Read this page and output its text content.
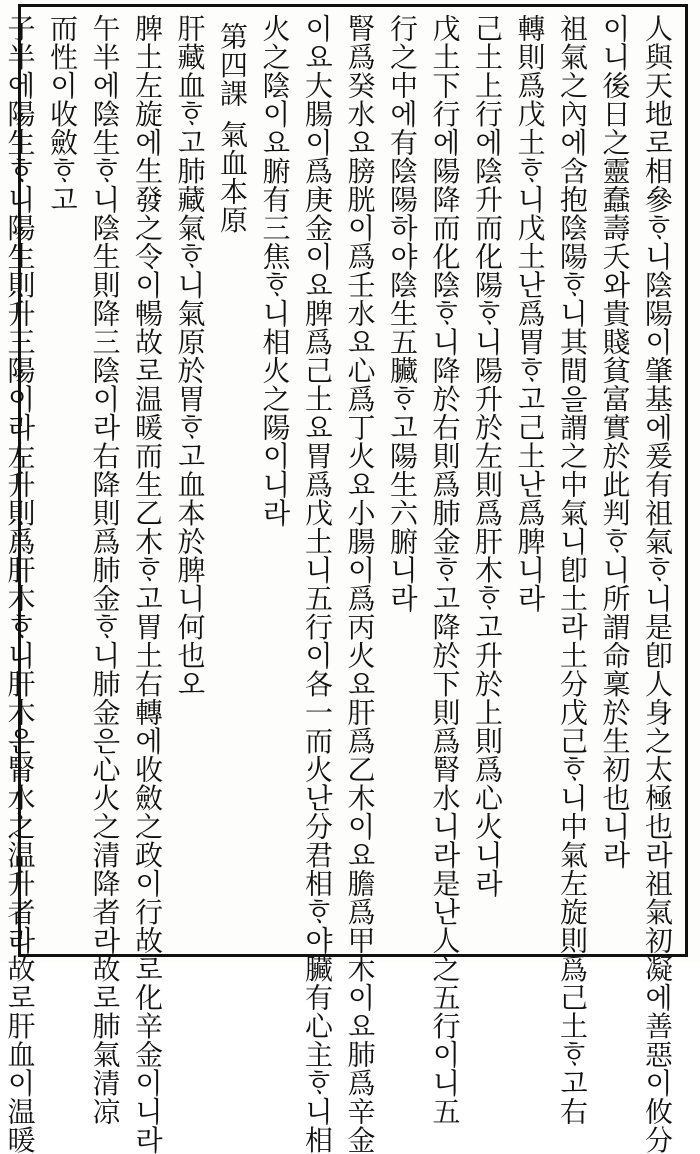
人與天地로相參ᄒᆞ니陰陽이肇基에爰有祖氣ᄒᆞ니是卽人身之太極也라祖氣初凝에善惡이攸分
이니後日之靈蠢壽夭와貴賤貧富實於此判ᄒᆞ니所謂命稟於生初也니라
祖氣之內에含抱陰陽ᄒᆞ니其間을謂之中氣니卽土라土分戊己ᄒᆞ니中氣左旋則爲己土ᄒᆞ고右
轉則爲戊土ᄒᆞ니戊土난爲胃ᄒᆞ고己土난爲脾니라
己土上行에陰升而化陽ᄒᆞ니陽升於左則爲肝木ᄒᆞ고升於上則爲心火니라
戊土下行에陽降而化陰ᄒᆞ니降於右則爲肺金ᄒᆞ고降於下則爲腎水니라是난人之五行이니五
行之中에有陰陽하야陰生五臟ᄒᆞ고陽生六腑니라
腎爲癸水요膀胱이爲壬水요心爲丁火요小腸이爲丙火요肝爲乙木이요膽爲甲木이요肺爲辛金
이요大腸이爲庚金이요脾爲己土요胃爲戊土니五行이各一而火난分君相ᄒᆞ야臟有心主ᄒᆞ니相
火之陰이요腑有三焦ᄒᆞ니相火之陽이니라
第四課氣血本原
肝藏血ᄒᆞ고肺藏氣ᄒᆞ니氣原於胃ᄒᆞ고血本於脾니何也오
脾土左旋에生發之令이暢故로温暖而生乙木ᄒᆞ고胃土右轉에收斂之政이行故로化辛金이니라
午半에陰生ᄒᆞ니陰生則降三陰이라右降則爲肺金ᄒᆞ니肺金은心火之清降者라故로肺氣清凉
而性이收斂ᄒᆞ고
子半에陽生ᄒᆞ니陽生則升三陽이라左升則爲肝木ᄒᆞ니肝木은腎水之温升者라故로肝血이温暖
